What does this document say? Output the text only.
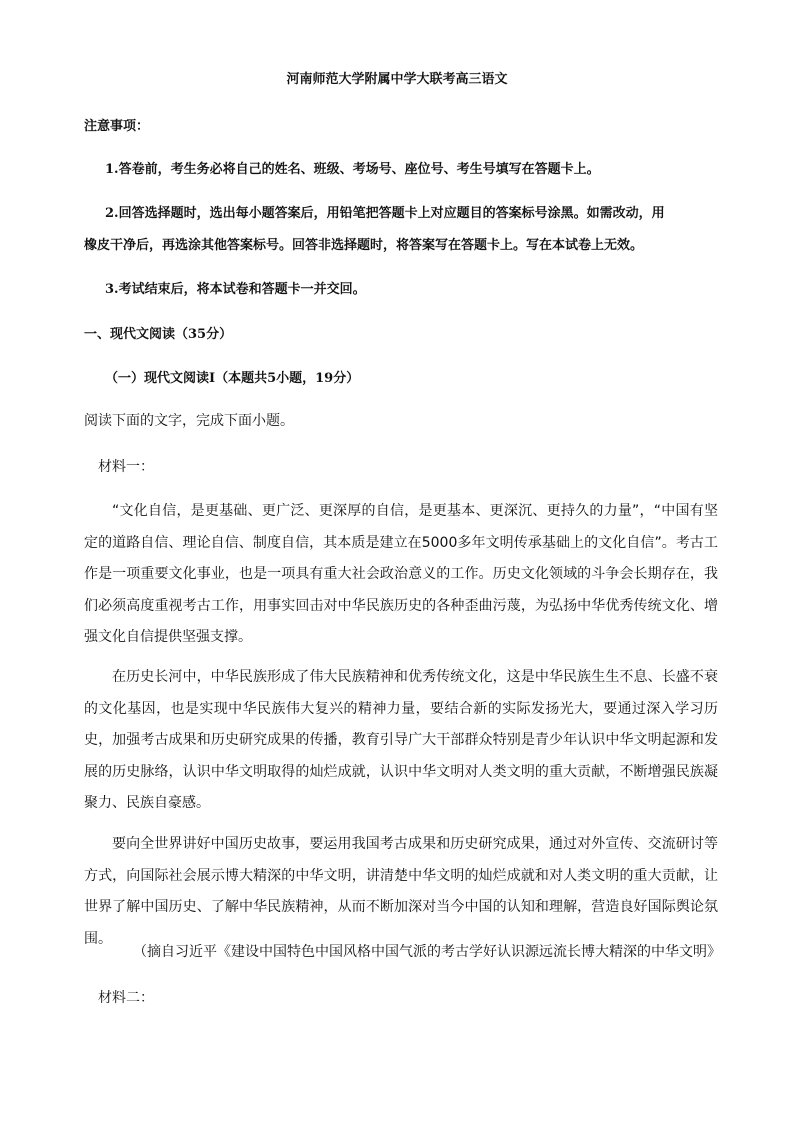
河南师范大学附属中学大联考高三语文
注意事项：
1.答卷前，考生务必将自己的姓名、班级、考场号、座位号、考生号填写在答题卡上。
2.回答选择题时，选出每小题答案后，用铅笔把答题卡上对应题目的答案标号涂黑。如需改动，用
橡皮干净后，再选涂其他答案标号。回答非选择题时，将答案写在答题卡上。写在本试卷上无效。
3.考试结束后，将本试卷和答题卡一并交回。
一、现代文阅读（35分）
（一）现代文阅读Ⅰ（本题共5小题，19分）
阅读下面的文字，完成下面小题。
材料一：
“文化自信，是更基础、更广泛、更深厚的自信，是更基本、更深沉、更持久的力量”，“中国有坚定的道路自信、理论自信、制度自信，其本质是建立在5000多年文明传承基础上的文化自信”。考古工作是一项重要文化事业，也是一项具有重大社会政治意义的工作。历史文化领域的斗争会长期存在，我们必须高度重视考古工作，用事实回击对中华民族历史的各种歪曲污蔑，为弘扬中华优秀传统文化、增强文化自信提供坚强支撑。
在历史长河中，中华民族形成了伟大民族精神和优秀传统文化，这是中华民族生生不息、长盛不衰的文化基因，也是实现中华民族伟大复兴的精神力量，要结合新的实际发扬光大，要通过深入学习历史，加强考古成果和历史研究成果的传播，教育引导广大干部群众特别是青少年认识中华文明起源和发展的历史脉络，认识中华文明取得的灿烂成就，认识中华文明对人类文明的重大贡献，不断增强民族凝聚力、民族自豪感。
要向全世界讲好中国历史故事，要运用我国考古成果和历史研究成果，通过对外宣传、交流研讨等方式，向国际社会展示博大精深的中华文明，讲清楚中华文明的灿烂成就和对人类文明的重大贡献，让世界了解中国历史、了解中华民族精神，从而不断加深对当今中国的认知和理解，营造良好国际舆论氛围。
（摘自习近平《建设中国特色中国风格中国气派的考古学好认识源远流长博大精深的中华文明》
材料二：
